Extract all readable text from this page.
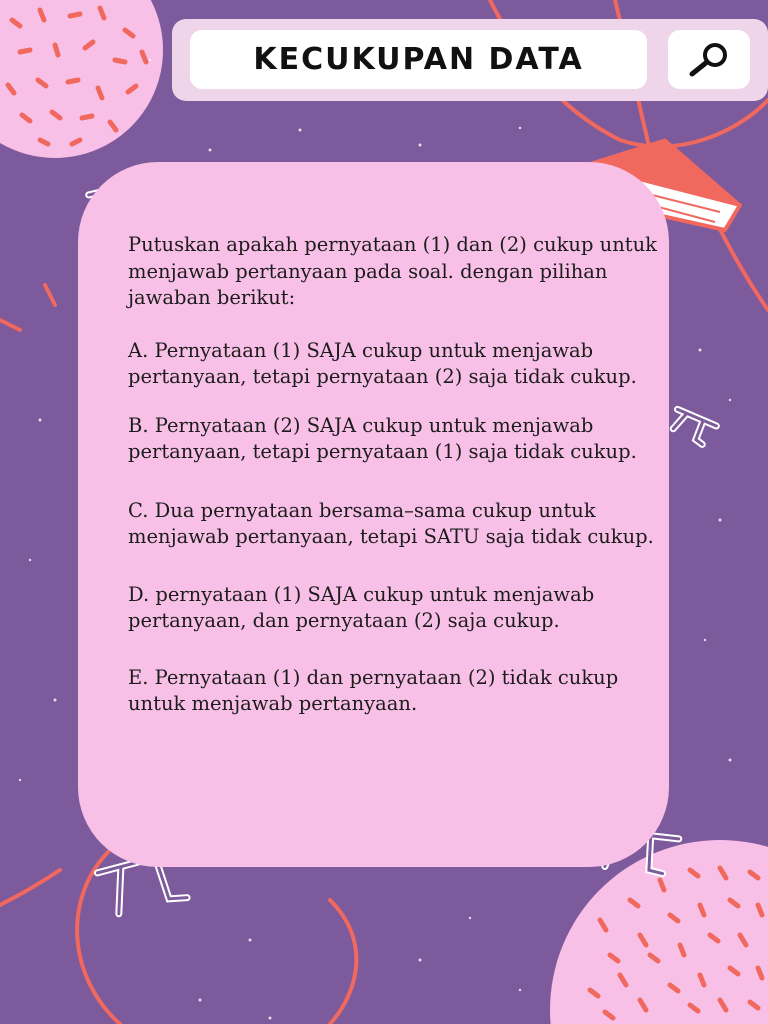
KECUKUPAN DATA

Putuskan apakah pernyataan (1) dan (2) cukup untuk menjawab pertanyaan pada soal. dengan pilihan jawaban berikut:

A. Pernyataan (1) SAJA cukup untuk menjawab pertanyaan, tetapi pernyataan (2) saja tidak cukup.

B. Pernyataan (2) SAJA cukup untuk menjawab pertanyaan, tetapi pernyataan (1) saja tidak cukup.

C. Dua pernyataan bersama–sama cukup untuk menjawab pertanyaan, tetapi SATU saja tidak cukup.

D. pernyataan (1) SAJA cukup untuk menjawab pertanyaan, dan pernyataan (2) saja cukup.

E. Pernyataan (1) dan pernyataan (2) tidak cukup untuk menjawab pertanyaan.
